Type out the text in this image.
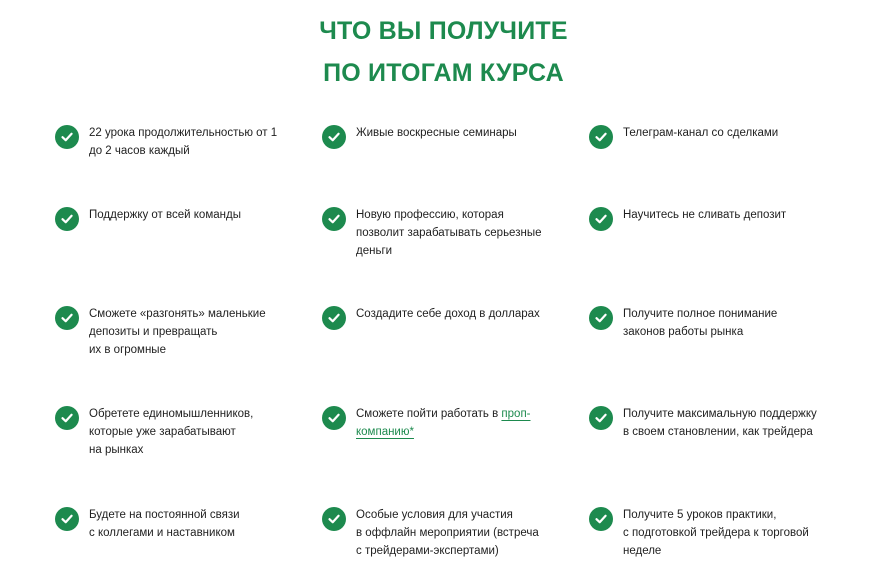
ЧТО ВЫ ПОЛУЧИТЕ
ПО ИТОГАМ КУРСА
22 урока продолжительностью от 1
до 2 часов каждый
Живые воскресные семинары	Телеграм-канал со сделками
Поддержку от всей команды	Новую профессию, которая
позволит зарабатывать серьезные
деньги
Научитесь не сливать депозит
Сможете «разгонять» маленькие
депозиты и превращать
их в огромные
Создадите себе доход в долларах	Получите полное понимание
законов работы рынка
Обретете единомышленников,
которые уже зарабатывают
на рынках
Сможете пойти работать в проп-
компанию*
Получите максимальную поддержку
в своем становлении, как трейдера
Будете на постоянной связи
с коллегами и наставником
Особые условия для участия
в оффлайн мероприятии (встреча
с трейдерами-экспертами)
Получите 5 уроков практики,
с подготовкой трейдера к торговой
неделе
